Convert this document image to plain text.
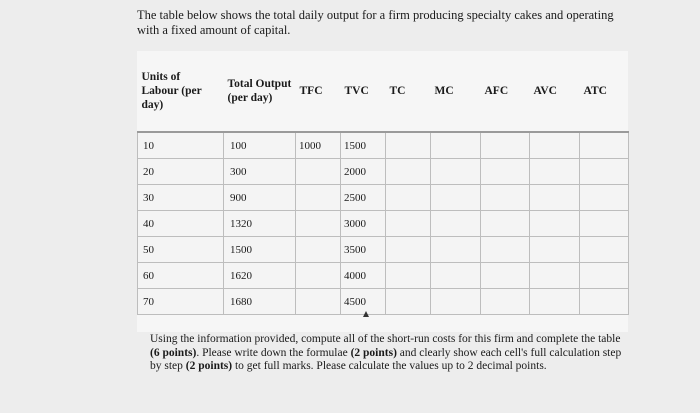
The table below shows the total daily output for a firm producing specialty cakes and operating with a fixed amount of capital.
Units of Labour (per day)	Total Output (per day)	TFC	TVC	TC	MC	AFC	AVC	ATC
10	100	1000	1500					
20	300		2000					
30	900		2500					
40	1320		3000					
50	1500		3500					
60	1620		4000					
70	1680		4500					
Using the information provided, compute all of the short-run costs for this firm and complete the table (6 points). Please write down the formulae (2 points) and clearly show each cell's full calculation step by step (2 points) to get full marks. Please calculate the values up to 2 decimal points.
